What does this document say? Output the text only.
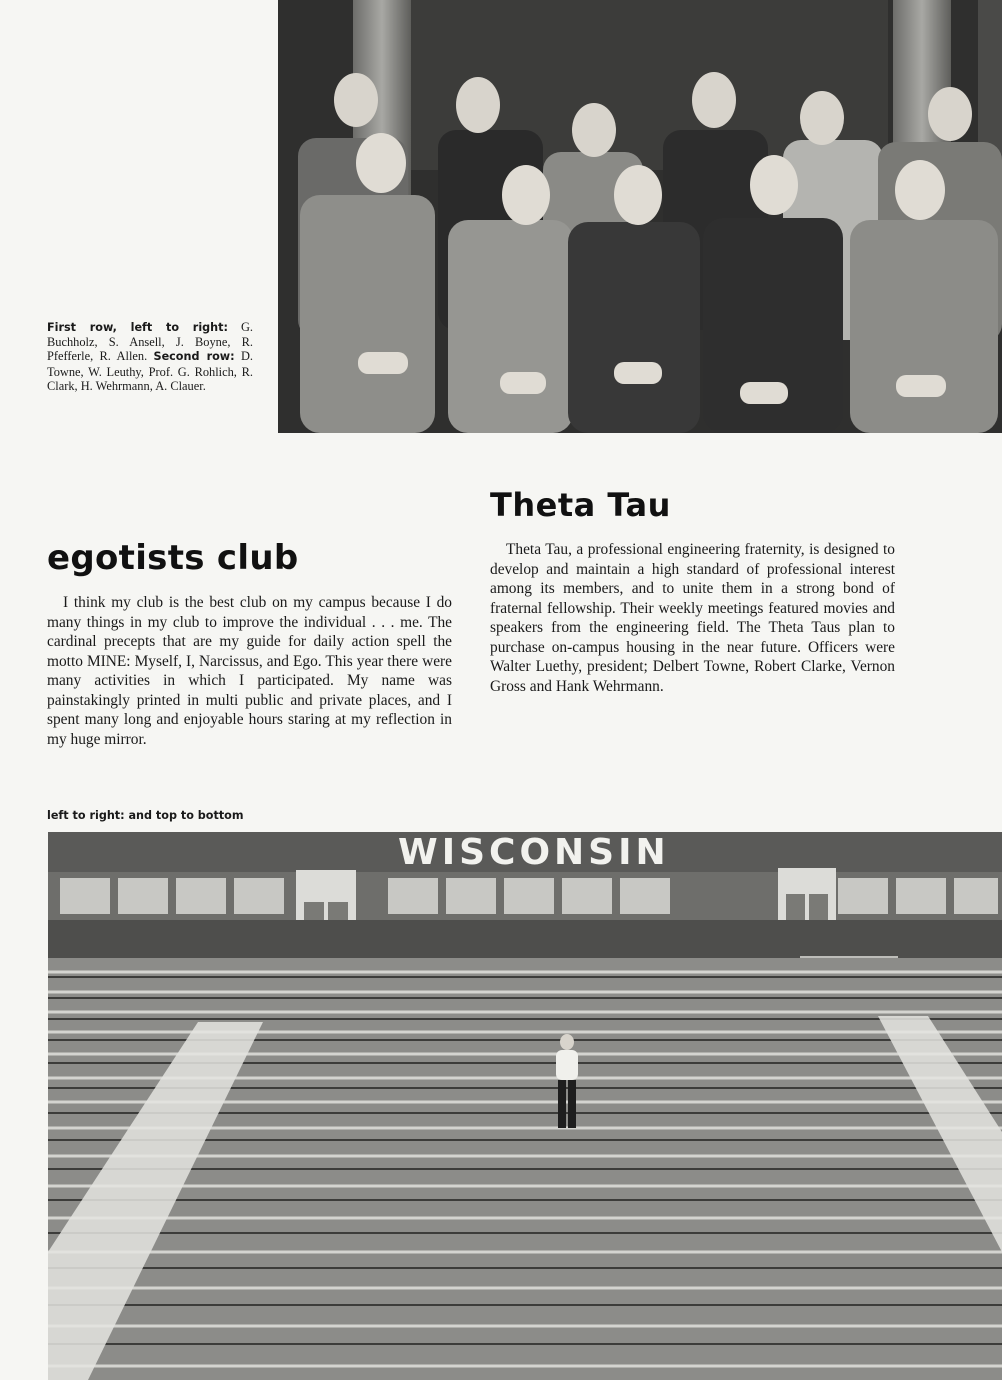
First row, left to right: G. Buchholz, S. Ansell, J. Boyne, R. Pfefferle, R. Allen. Second row: D. Towne, W. Leuthy, Prof. G. Rohlich, R. Clark, H. Wehrmann, A. Clauer.
Theta Tau

Theta Tau, a professional engineering fraternity, is designed to develop and maintain a high standard of professional interest among its members, and to unite them in a strong bond of fraternal fellowship. Their weekly meetings featured movies and speakers from the engineering field. The Theta Taus plan to purchase on-campus housing in the near future. Officers were Walter Luethy, president; Delbert Towne, Robert Clarke, Vernon Gross and Hank Wehrmann.

egotists club

I think my club is the best club on my campus because I do many things in my club to improve the individual . . . me. The cardinal precepts that are my guide for daily action spell the motto MINE: Myself, I, Narcissus, and Ego. This year there were many activities in which I participated. My name was painstakingly printed in multi public and private places, and I spent many long and enjoyable hours staring at my reflection in my huge mirror.

left to right: and top to bottom
WISCONSIN
